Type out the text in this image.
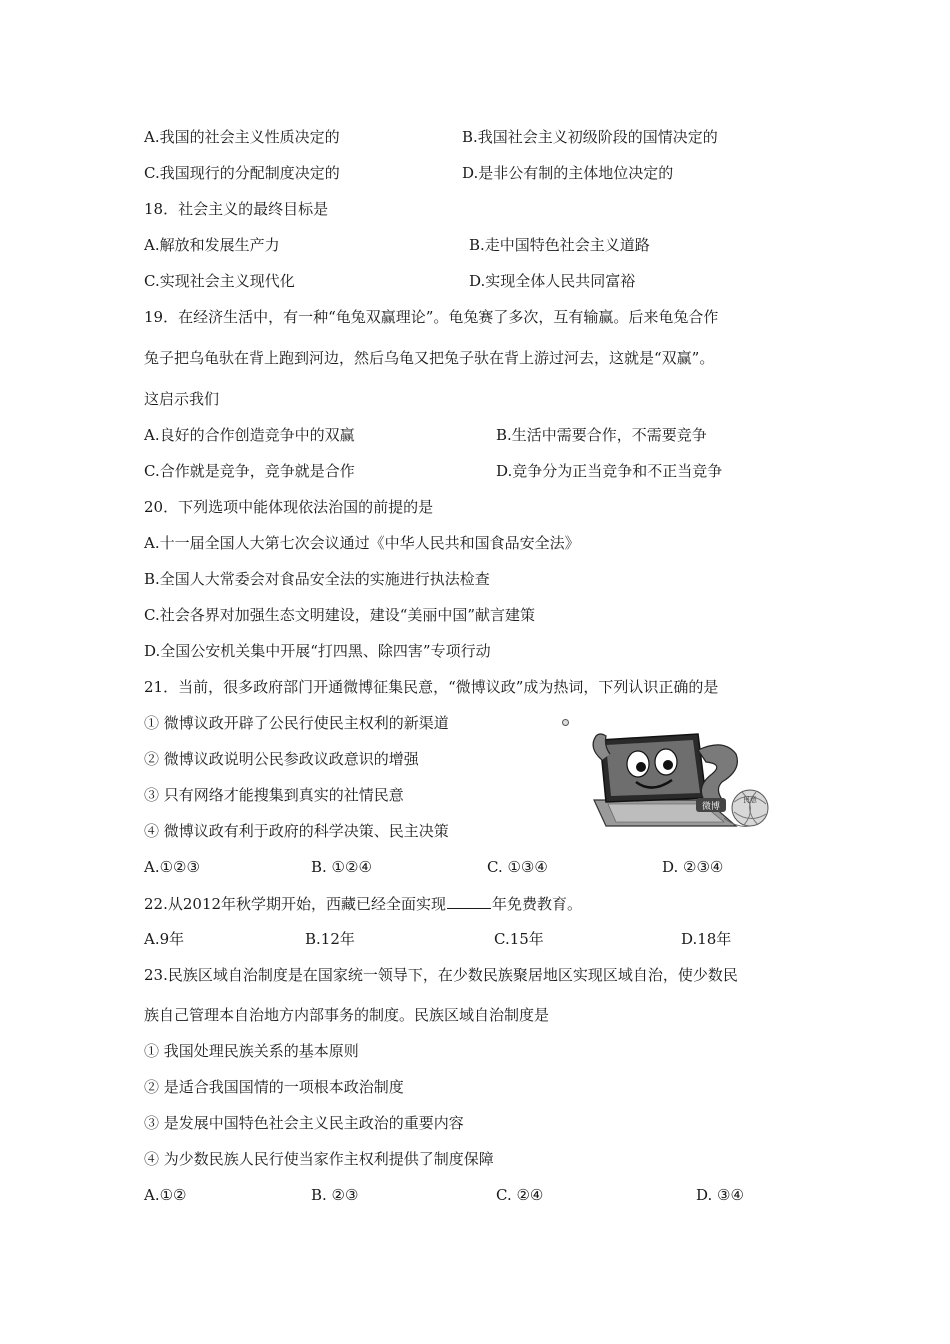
A.我国的社会主义性质决定的	B.我国社会主义初级阶段的国情决定的
C.我国现行的分配制度决定的	D.是非公有制的主体地位决定的
18．社会主义的最终目标是
A.解放和发展生产力	B.走中国特色社会主义道路
C.实现社会主义现代化	D.实现全体人民共同富裕
19．在经济生活中，有一种“龟兔双赢理论”。龟兔赛了多次，互有输赢。后来龟兔合作
兔子把乌龟驮在背上跑到河边，然后乌龟又把兔子驮在背上游过河去，这就是“双赢”。
这启示我们
A.良好的合作创造竞争中的双赢	B.生活中需要合作，不需要竞争
C.合作就是竞争，竞争就是合作	D.竞争分为正当竞争和不正当竞争
20．下列选项中能体现依法治国的前提的是
A.十一届全国人大第七次会议通过《中华人民共和国食品安全法》
B.全国人大常委会对食品安全法的实施进行执法检查
C.社会各界对加强生态文明建设，建设“美丽中国”献言建策
D.全国公安机关集中开展“打四黑、除四害”专项行动
21．当前，很多政府部门开通微博征集民意，“微博议政”成为热词，下列认识正确的是
① 微博议政开辟了公民行使民主权利的新渠道
② 微博议政说明公民参政议政意识的增强
③ 只有网络才能搜集到真实的社情民意
④ 微博议政有利于政府的科学决策、民主决策
微博
民意
A.①②③	B. ①②④	C. ①③④	D. ②③④
22.从2012年秋学期开始，西藏已经全面实现	年免费教育。
A.9年	B.12年	C.15年	D.18年
23.民族区域自治制度是在国家统一领导下，在少数民族聚居地区实现区域自治，使少数民
族自己管理本自治地方内部事务的制度。民族区域自治制度是
① 我国处理民族关系的基本原则
② 是适合我国国情的一项根本政治制度
③ 是发展中国特色社会主义民主政治的重要内容
④ 为少数民族人民行使当家作主权利提供了制度保障
A.①②	B. ②③	C. ②④	D. ③④
